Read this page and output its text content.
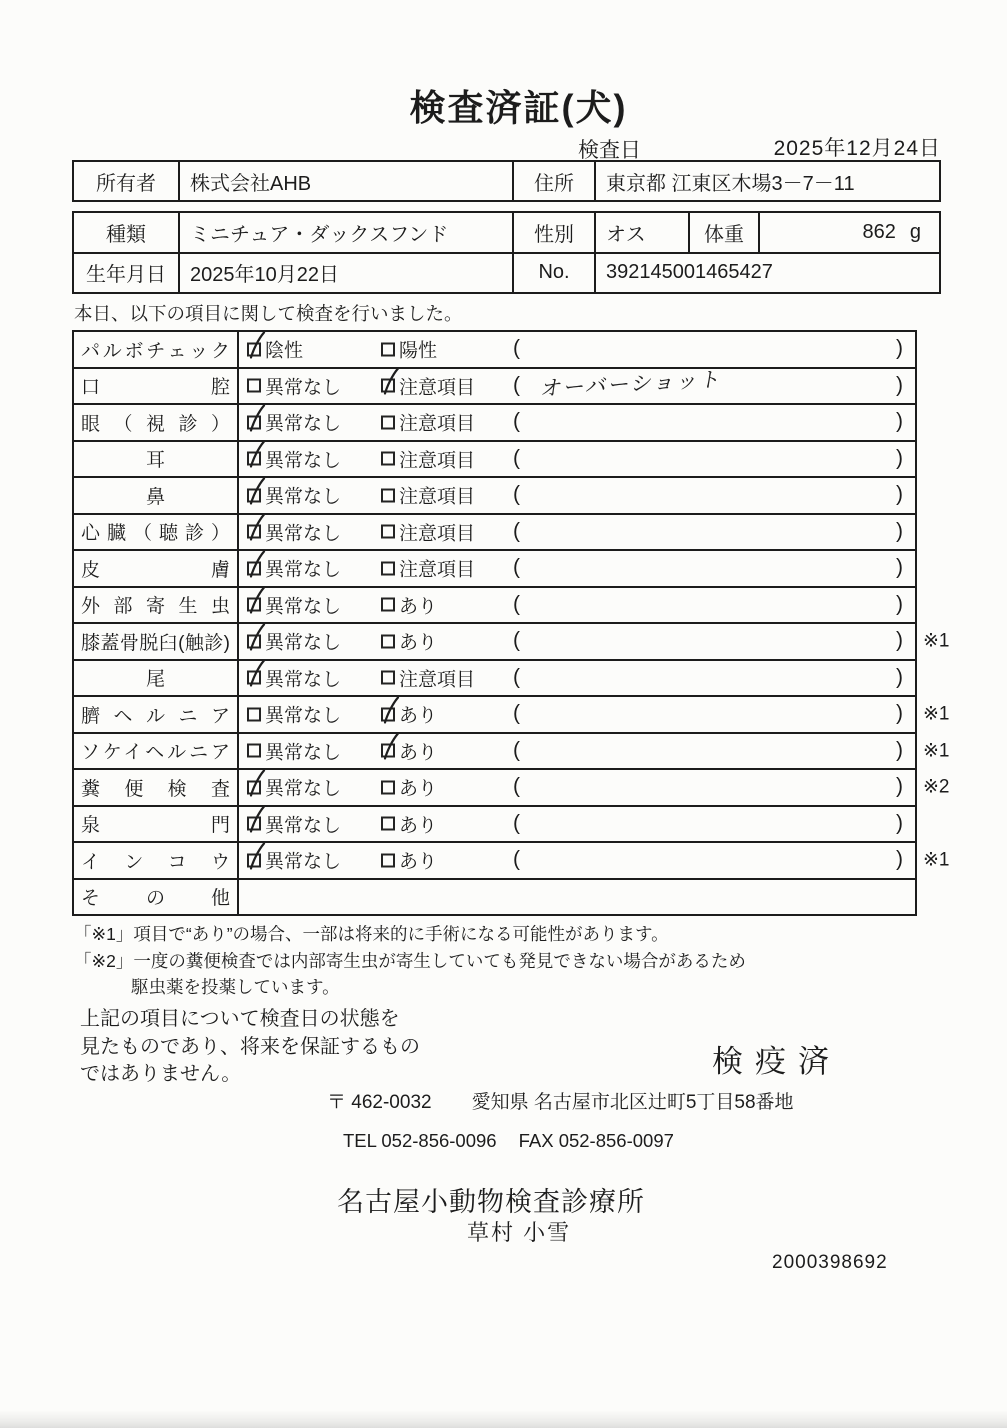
検査済証(犬)
検査日	2025年12月24日
所有者	株式会社AHB	住所	東京都 江東区木場3－7－11
種類	ミニチュア・ダックスフンド	性別	オス	体重	862 g
生年月日	2025年10月22日	No.	392145001465427
本日、以下の項目に関して検査を行いました。
パルボチェック 陰性	陽性	(	)
口腔 異常なし	注意項目 ( オーバーショット	)
眼（視診） 異常なし	注意項目 (	)
耳	異常なし	注意項目 (	)
鼻	異常なし	注意項目 (	)
心臓（聴診） 異常なし	注意項目 (	)
皮膚 異常なし	注意項目 (	)
外部寄生虫 異常なし	あり	(	)
膝蓋骨脱臼(触診) 異常なし	あり	(	) ※1
尾	異常なし	注意項目 (	)
臍ヘルニア 異常なし	あり	(	) ※1
ソケイヘルニア 異常なし	あり	(	) ※1
糞便検査 異常なし	あり	(	) ※2
泉門 異常なし	あり	(	)
インコウ 異常なし	あり	(	) ※1
その他
「※1」項目で“あり”の場合、一部は将来的に手術になる可能性があります。
「※2」一度の糞便検査では内部寄生虫が寄生していても発見できない場合があるため
駆虫薬を投薬しています。
上記の項目について検査日の状態を
見たものであり、将来を保証するもの
ではありません。	検疫済
〒 462-0032 愛知県 名古屋市北区辻町5丁目58番地
TEL 052-856-0096 FAX 052-856-0097
名古屋小動物検査診療所
草村 小雪
2000398692
